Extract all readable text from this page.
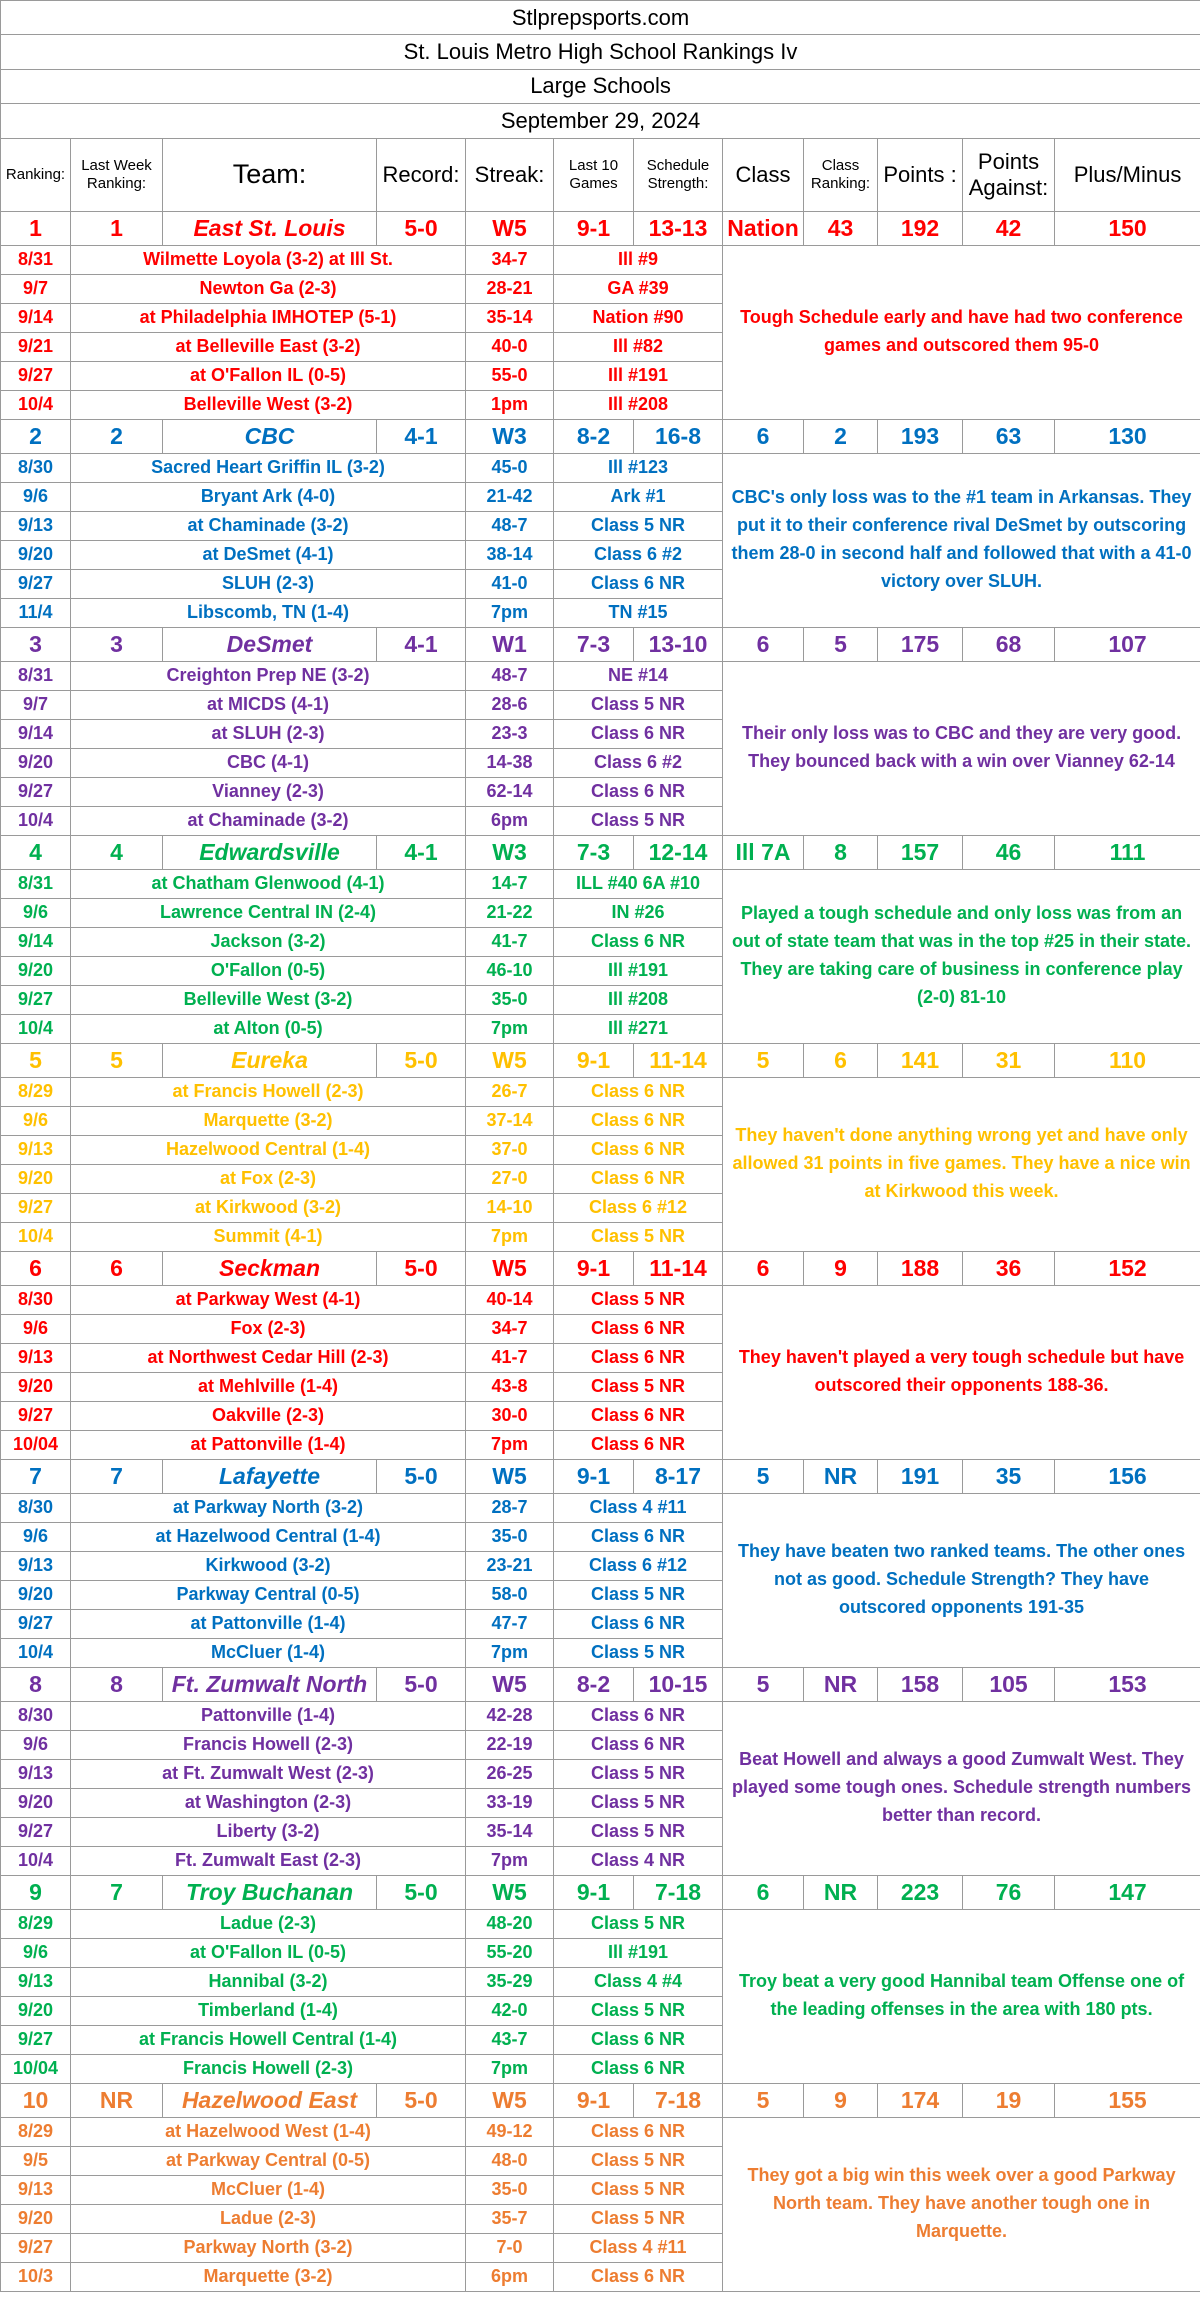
Stlprepsports.com											
St. Louis Metro High School Rankings Iv											
Large Schools											
September 29, 2024											
Ranking:	Last Week Ranking:	Team:	Record:	Streak:	Last 10 Games	Schedule Strength:	Class	Class Ranking:	Points :	Points Against:	Plus/Minus
1	1	East St. Louis	5-0	W5	9-1	13-13	Nation	43	192	42	150
8/31	Wilmette Loyola (3-2) at Ill St.			34-7	Ill #9		Tough Schedule early and have had two conference games and outscored them 95-0				
9/7	Newton Ga (2-3)			28-21	GA #39						
9/14	at Philadelphia IMHOTEP (5-1)			35-14	Nation #90						
9/21	at Belleville East (3-2)			40-0	Ill #82						
9/27	at O'Fallon IL (0-5)			55-0	Ill #191						
10/4	Belleville West (3-2)			1pm	Ill #208						
2	2	CBC	4-1	W3	8-2	16-8	6	2	193	63	130
8/30	Sacred Heart Griffin IL (3-2)			45-0	Ill #123		CBC's only loss was to the #1 team in Arkansas. They put it to their conference rival DeSmet by outscoring them 28-0 in second half and followed that with a 41-0 victory over SLUH.				
9/6	Bryant Ark (4-0)			21-42	Ark #1						
9/13	at Chaminade (3-2)			48-7	Class 5 NR						
9/20	at DeSmet (4-1)			38-14	Class 6 #2						
9/27	SLUH (2-3)			41-0	Class 6 NR						
11/4	Libscomb, TN (1-4)			7pm	TN #15						
3	3	DeSmet	4-1	W1	7-3	13-10	6	5	175	68	107
8/31	Creighton Prep NE (3-2)			48-7	NE #14		Their only loss was to CBC and they are very good. They bounced back with a win over Vianney 62-14				
9/7	at MICDS (4-1)			28-6	Class 5 NR						
9/14	at SLUH (2-3)			23-3	Class 6 NR						
9/20	CBC (4-1)			14-38	Class 6 #2						
9/27	Vianney (2-3)			62-14	Class 6 NR						
10/4	at Chaminade (3-2)			6pm	Class 5 NR						
4	4	Edwardsville	4-1	W3	7-3	12-14	Ill 7A	8	157	46	111
8/31	at Chatham Glenwood (4-1)			14-7	ILL #40 6A #10		Played a tough schedule and only loss was from an out of state team that was in the top #25 in their state. They are taking care of business in conference play (2-0) 81-10				
9/6	Lawrence Central IN (2-4)			21-22	IN #26						
9/14	Jackson (3-2)			41-7	Class 6 NR						
9/20	O'Fallon (0-5)			46-10	Ill #191						
9/27	Belleville West (3-2)			35-0	Ill #208						
10/4	at Alton (0-5)			7pm	Ill #271						
5	5	Eureka	5-0	W5	9-1	11-14	5	6	141	31	110
8/29	at Francis Howell (2-3)			26-7	Class 6 NR		They haven't done anything wrong yet and have only allowed 31 points in five games. They have a nice win at Kirkwood this week.				
9/6	Marquette (3-2)			37-14	Class 6 NR						
9/13	Hazelwood Central (1-4)			37-0	Class 6 NR						
9/20	at Fox (2-3)			27-0	Class 6 NR						
9/27	at Kirkwood (3-2)			14-10	Class 6 #12						
10/4	Summit (4-1)			7pm	Class 5 NR						
6	6	Seckman	5-0	W5	9-1	11-14	6	9	188	36	152
8/30	at Parkway West (4-1)			40-14	Class 5 NR		They haven't played a very tough schedule but have outscored their opponents 188-36.				
9/6	Fox (2-3)			34-7	Class 6 NR						
9/13	at Northwest Cedar Hill (2-3)			41-7	Class 6 NR						
9/20	at Mehlville (1-4)			43-8	Class 5 NR						
9/27	Oakville (2-3)			30-0	Class 6 NR						
10/04	at Pattonville (1-4)			7pm	Class 6 NR						
7	7	Lafayette	5-0	W5	9-1	8-17	5	NR	191	35	156
8/30	at Parkway North (3-2)			28-7	Class 4 #11		They have beaten two ranked teams. The other ones not as good. Schedule Strength? They have outscored opponents 191-35				
9/6	at Hazelwood Central (1-4)			35-0	Class 6 NR						
9/13	Kirkwood (3-2)			23-21	Class 6 #12						
9/20	Parkway Central (0-5)			58-0	Class 5 NR						
9/27	at Pattonville (1-4)			47-7	Class 6 NR						
10/4	McCluer (1-4)			7pm	Class 5 NR						
8	8	Ft. Zumwalt North	5-0	W5	8-2	10-15	5	NR	158	105	153
8/30	Pattonville (1-4)			42-28	Class 6 NR		Beat Howell and always a good Zumwalt West. They played some tough ones. Schedule strength numbers better than record.				
9/6	Francis Howell (2-3)			22-19	Class 6 NR						
9/13	at Ft. Zumwalt West (2-3)			26-25	Class 5 NR						
9/20	at Washington (2-3)			33-19	Class 5 NR						
9/27	Liberty (3-2)			35-14	Class 5 NR						
10/4	Ft. Zumwalt East (2-3)			7pm	Class 4 NR						
9	7	Troy Buchanan	5-0	W5	9-1	7-18	6	NR	223	76	147
8/29	Ladue (2-3)			48-20	Class 5 NR		Troy beat a very good Hannibal team Offense one of the leading offenses in the area with 180 pts.				
9/6	at O'Fallon IL (0-5)			55-20	Ill #191						
9/13	Hannibal (3-2)			35-29	Class 4 #4						
9/20	Timberland (1-4)			42-0	Class 5 NR						
9/27	at Francis Howell Central (1-4)			43-7	Class 6 NR						
10/04	Francis Howell (2-3)			7pm	Class 6 NR						
10	NR	Hazelwood East	5-0	W5	9-1	7-18	5	9	174	19	155
8/29	at Hazelwood West (1-4)			49-12	Class 6 NR		They got a big win this week over a good Parkway North team. They have another tough one in Marquette.				
9/5	at Parkway Central (0-5)			48-0	Class 5 NR						
9/13	McCluer (1-4)			35-0	Class 5 NR						
9/20	Ladue (2-3)			35-7	Class 5 NR						
9/27	Parkway North (3-2)			7-0	Class 4 #11						
10/3	Marquette (3-2)			6pm	Class 6 NR						
